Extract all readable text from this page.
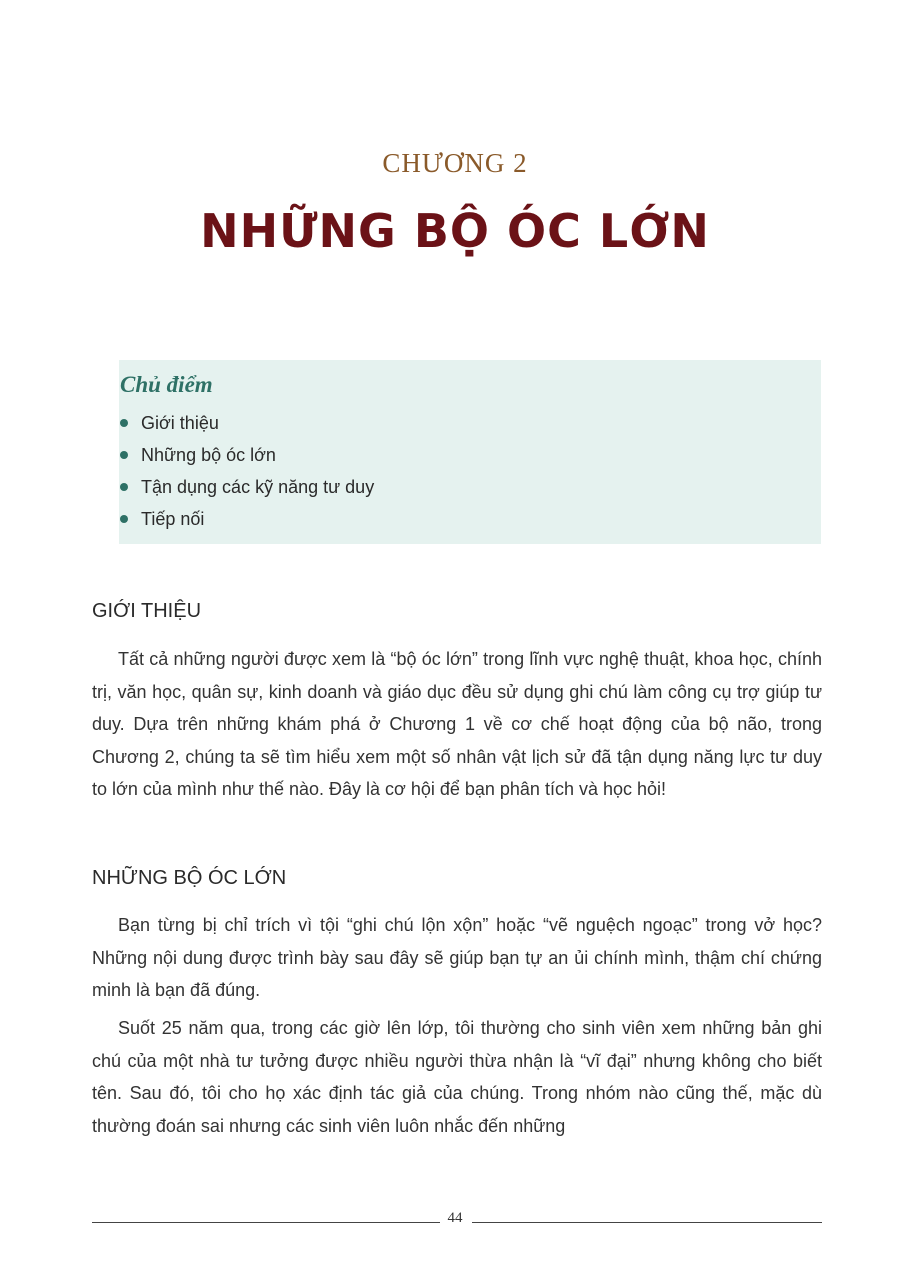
CHƯƠNG 2
NHỮNG BỘ ÓC LỚN
Chủ điểm
Giới thiệu
Những bộ óc lớn
Tận dụng các kỹ năng tư duy
Tiếp nối
GIỚI THIỆU

Tất cả những người được xem là “bộ óc lớn” trong lĩnh vực nghệ thuật, khoa học, chính trị, văn học, quân sự, kinh doanh và giáo dục đều sử dụng ghi chú làm công cụ trợ giúp tư duy. Dựa trên những khám phá ở Chương 1 về cơ chế hoạt động của bộ não, trong Chương 2, chúng ta sẽ tìm hiểu xem một số nhân vật lịch sử đã tận dụng năng lực tư duy to lớn của mình như thế nào. Đây là cơ hội để bạn phân tích và học hỏi!

NHỮNG BỘ ÓC LỚN

Bạn từng bị chỉ trích vì tội “ghi chú lộn xộn” hoặc “vẽ nguệch ngoạc” trong vở học? Những nội dung được trình bày sau đây sẽ giúp bạn tự an ủi chính mình, thậm chí chứng minh là bạn đã đúng.

Suốt 25 năm qua, trong các giờ lên lớp, tôi thường cho sinh viên xem những bản ghi chú của một nhà tư tưởng được nhiều người thừa nhận là “vĩ đại” nhưng không cho biết tên. Sau đó, tôi cho họ xác định tác giả của chúng. Trong nhóm nào cũng thế, mặc dù thường đoán sai nhưng các sinh viên luôn nhắc đến những

44
